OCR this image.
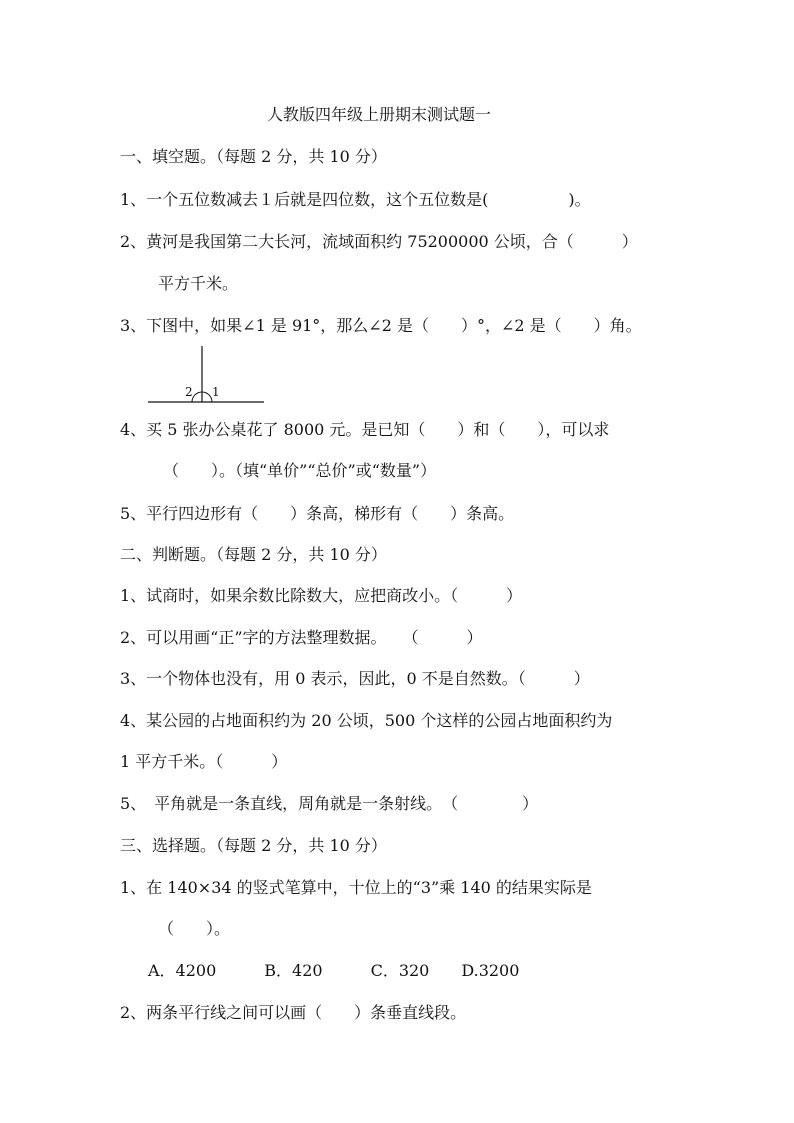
人教版四年级上册期末测试题一
一、填空题。（每题 2 分，共 10 分）
1、一个五位数减去１后就是四位数，这个五位数是(　　　　　)。
2、黄河是我国第二大长河，流域面积约 75200000 公顷，合（　　　）
平方千米。
3、下图中，如果∠1 是 91°，那么∠2 是（　　）°，∠2 是（　　）角。
2 1
4、买 5 张办公桌花了 8000 元。是已知（　　）和（　　），可以求
（　　）。（填“单价”“总价”或“数量”）
5、平行四边形有（　　）条高，梯形有（　　）条高。
二、判断题。（每题 2 分，共 10 分）
1、试商时，如果余数比除数大，应把商改小。（　　　）
2、可以用画“正”字的方法整理数据。　　（　　　）
3、一个物体也没有，用 0 表示，因此，0 不是自然数。（　　　）
4、某公园的占地面积约为 20 公顷，500 个这样的公园占地面积约为
1 平方千米。（　　　）
5、　平角就是一条直线，周角就是一条射线。　（　　　　）
三、选择题。（每题 2 分，共 10 分）
1、在 140×34 的竖式笔算中，十位上的“3”乘 140 的结果实际是
（　　）。
A．4200　　　B．420　　　C．320　　D.3200
2、两条平行线之间可以画（　　）条垂直线段。
